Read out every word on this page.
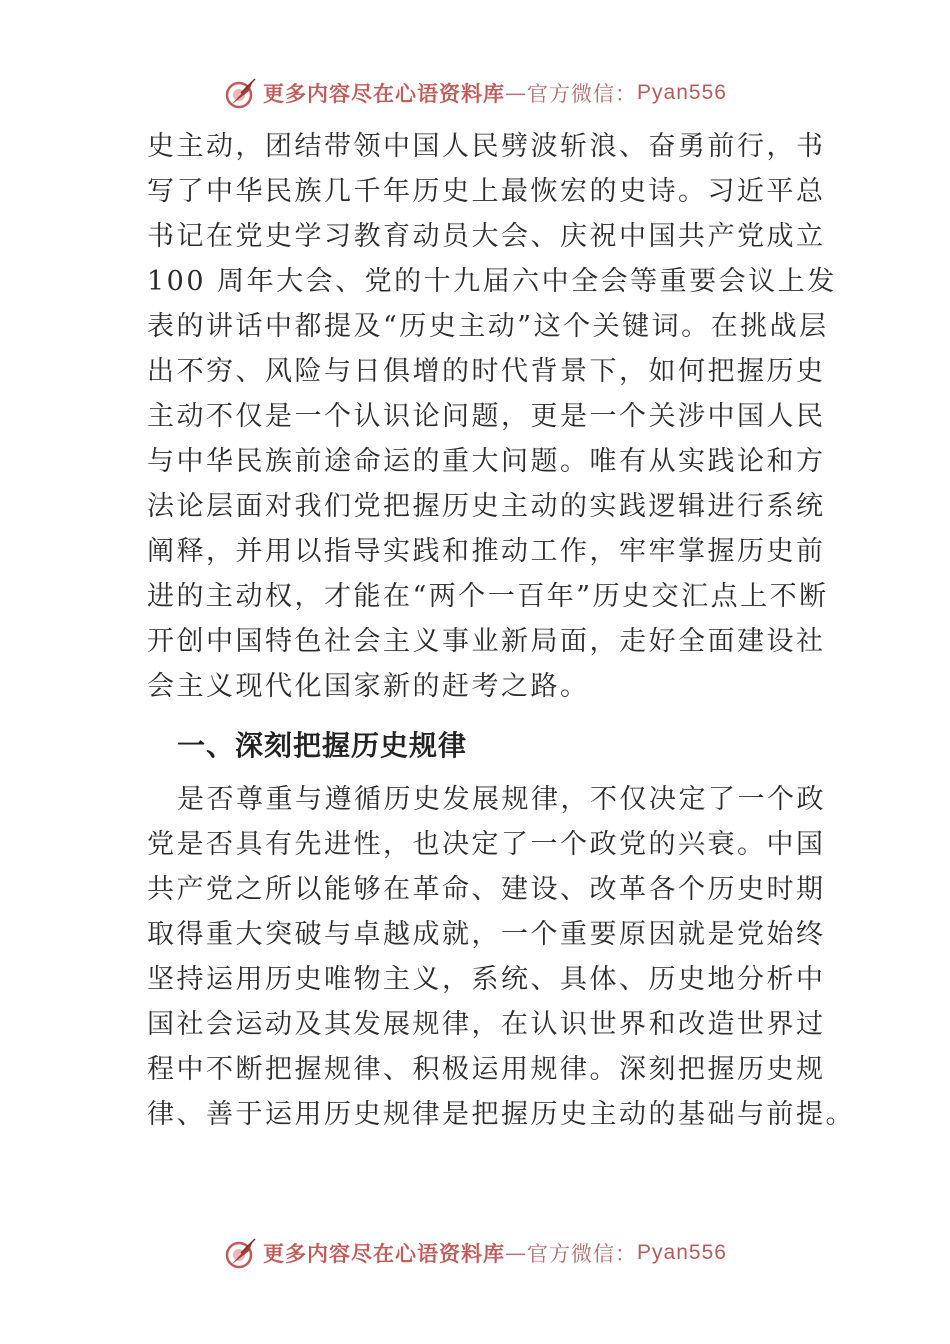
更多内容尽在心语资料库 — 官方微信： Pyan556
史主动，团结带领中国人民劈波斩浪、奋勇前行，书
写了中华民族几千年历史上最恢宏的史诗。习近平总
书记在党史学习教育动员大会、庆祝中国共产党成立
100 周年大会、党的十九届六中全会等重要会议上发
表的讲话中都提及“历史主动”这个关键词。在挑战层
出不穷、风险与日俱增的时代背景下，如何把握历史
主动不仅是一个认识论问题，更是一个关涉中国人民
与中华民族前途命运的重大问题。唯有从实践论和方
法论层面对我们党把握历史主动的实践逻辑进行系统
阐释，并用以指导实践和推动工作，牢牢掌握历史前
进的主动权，才能在“两个一百年”历史交汇点上不断
开创中国特色社会主义事业新局面，走好全面建设社
会主义现代化国家新的赶考之路。
一、深刻把握历史规律
是否尊重与遵循历史发展规律，不仅决定了一个政
党是否具有先进性，也决定了一个政党的兴衰。中国
共产党之所以能够在革命、建设、改革各个历史时期
取得重大突破与卓越成就，一个重要原因就是党始终
坚持运用历史唯物主义，系统、具体、历史地分析中
国社会运动及其发展规律，在认识世界和改造世界过
程中不断把握规律、积极运用规律。深刻把握历史规
律、善于运用历史规律是把握历史主动的基础与前提。
更多内容尽在心语资料库 — 官方微信： Pyan556
